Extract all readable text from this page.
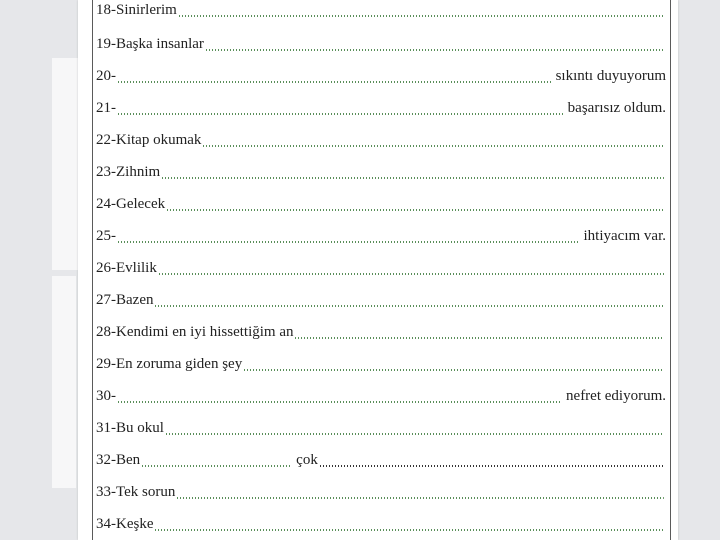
18-Sinirlerim
19-Başka insanlar
20-	sıkıntı duyuyorum
21-	başarısız oldum.
22-Kitap okumak
23-Zihnim
24-Gelecek
25-	ihtiyacım var.
26-Evlilik
27-Bazen
28-Kendimi en iyi hissettiğim an
29-En zoruma giden şey
30-	nefret ediyorum.
31-Bu okul
32-Ben	çok
33-Tek sorun
34-Keşke
